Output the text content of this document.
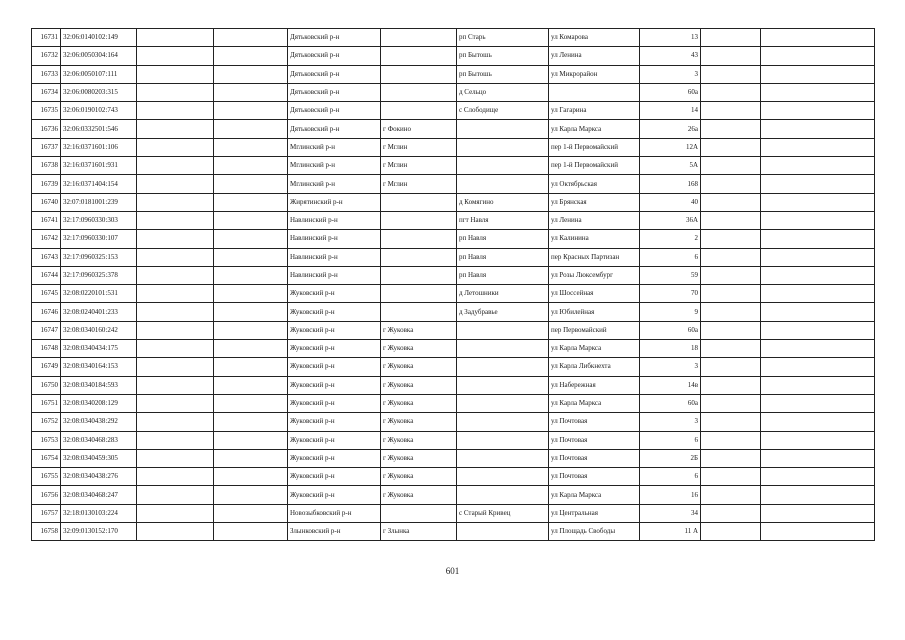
16731	32:06:0140102:149			Дятьковский р-н		рп Старь	ул Комарова	13		
16732	32:06:0050304:164			Дятьковский р-н		рп Бытошь	ул Ленина	43		
16733	32:06:0050107:111			Дятьковский р-н		рп Бытошь	ул Микрорайон	3		
16734	32:06:0080203:315			Дятьковский р-н		д Сельцо		60а		
16735	32:06:0190102:743			Дятьковский р-н		с Слободище	ул Гагарина	14		
16736	32:06:0332501:546			Дятьковский р-н	г Фокино		ул Карла Маркса	26а		
16737	32:16:0371601:106			Мглинский р-н	г Мглин		пер 1-й Первомайский	12А		
16738	32:16:0371601:931			Мглинский р-н	г Мглин		пер 1-й Первомайский	5А		
16739	32:16:0371404:154			Мглинский р-н	г Мглин		ул Октябрьская	168		
16740	32:07:0181001:239			Жирятинский р-н		д Комягино	ул Брянская	40		
16741	32:17:0960330:303			Навлинский р-н		пгт Навля	ул Ленина	36А		
16742	32:17:0960330:107			Навлинский р-н		рп Навля	ул Калинина	2		
16743	32:17:0960325:153			Навлинский р-н		рп Навля	пер Красных Партизан	6		
16744	32:17:0960325:378			Навлинский р-н		рп Навля	ул Розы Люксембург	59		
16745	32:08:0220101:531			Жуковский р-н		д Летошники	ул Шоссейная	70		
16746	32:08:0240401:233			Жуковский р-н		д Задубравье	ул Юбилейная	9		
16747	32:08:0340160:242			Жуковский р-н	г Жуковка		пер Первомайский	60а		
16748	32:08:0340434:175			Жуковский р-н	г Жуковка		ул Карла Маркса	18		
16749	32:08:0340164:153			Жуковский р-н	г Жуковка		ул Карла Либкнехта	3		
16750	32:08:0340184:593			Жуковский р-н	г Жуковка		ул Набережная	14в		
16751	32:08:0340208:129			Жуковский р-н	г Жуковка		ул Карла Маркса	60а		
16752	32:08:0340438:292			Жуковский р-н	г Жуковка		ул Почтовая	3		
16753	32:08:0340468:283			Жуковский р-н	г Жуковка		ул Почтовая	6		
16754	32:08:0340459:305			Жуковский р-н	г Жуковка		ул Почтовая	2Б		
16755	32:08:0340438:276			Жуковский р-н	г Жуковка		ул Почтовая	6		
16756	32:08:0340468:247			Жуковский р-н	г Жуковка		ул Карла Маркса	16		
16757	32:18:0130103:224			Новозыбковский р-н		с Старый Кривец	ул Центральная	34		
16758	32:09:0130152:170			Злынковский р-н	г Злынка		ул Площадь Свободы	11 А		
601
